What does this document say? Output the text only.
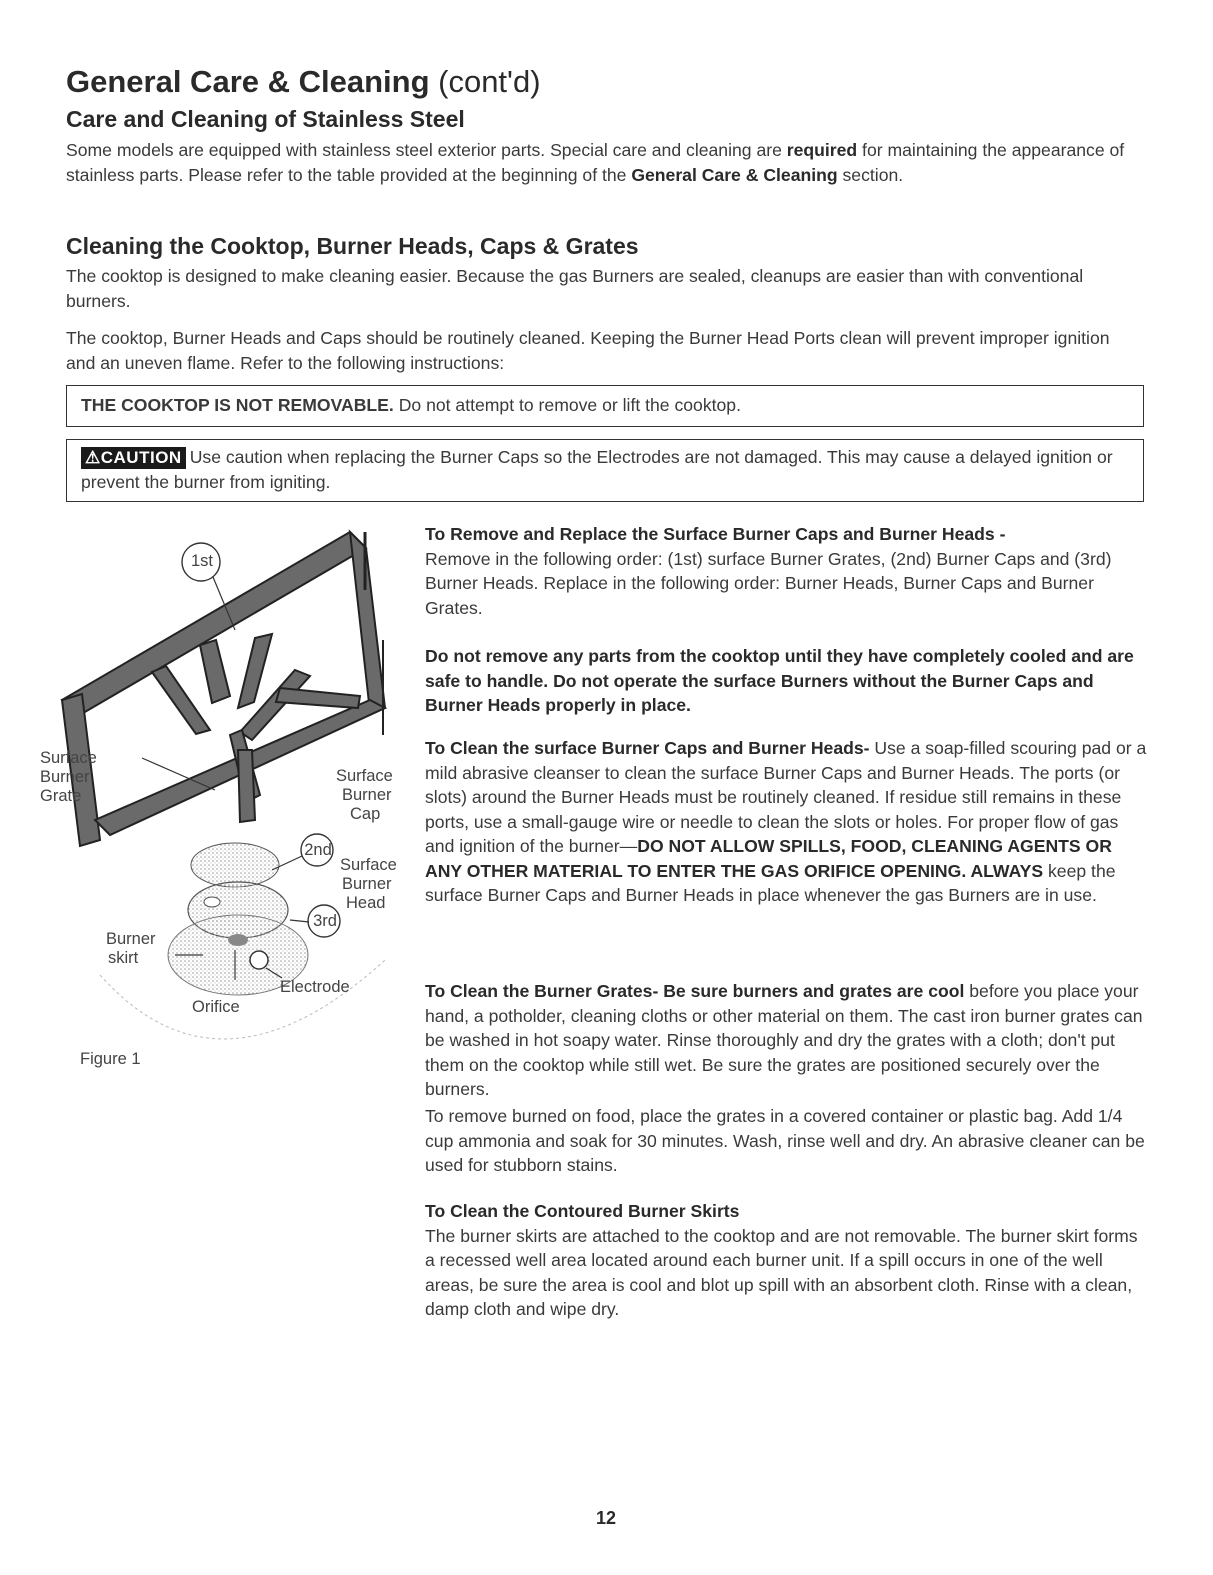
General Care & Cleaning (cont'd)
Care and Cleaning of Stainless Steel
Some models are equipped with stainless steel exterior parts. Special care and cleaning are required for maintaining the appearance of stainless parts. Please refer to the table provided at the beginning of the General Care & Cleaning section.
Cleaning the Cooktop, Burner Heads, Caps & Grates
The cooktop is designed to make cleaning easier. Because the gas Burners are sealed, cleanups are easier than with conventional burners.
The cooktop, Burner Heads and Caps should be routinely cleaned. Keeping the Burner Head Ports clean will prevent improper ignition and an uneven flame. Refer to the following instructions:
THE COOKTOP IS NOT REMOVABLE. Do not attempt to remove or lift the cooktop.
⚠CAUTION Use caution when replacing the Burner Caps so the Electrodes are not damaged. This may cause a delayed ignition or prevent the burner from igniting.
1st
2nd
3rd
Surface
Burner
Grate
Surface
Burner
Cap
Surface
Burner
Head
Burner
skirt
Electrode
Orifice
Figure 1
To Remove and Replace the Surface Burner Caps and Burner Heads -
Remove in the following order: (1st) surface Burner Grates, (2nd) Burner Caps and (3rd) Burner Heads. Replace in the following order: Burner Heads, Burner Caps and Burner Grates.
Do not remove any parts from the cooktop until they have completely cooled and are safe to handle. Do not operate the surface Burners without the Burner Caps and Burner Heads properly in place.
To Clean the surface Burner Caps and Burner Heads- Use a soap-filled scouring pad or a mild abrasive cleanser to clean the surface Burner Caps and Burner Heads. The ports (or slots) around the Burner Heads must be routinely cleaned. If residue still remains in these ports, use a small-gauge wire or needle to clean the slots or holes. For proper flow of gas and ignition of the burner—DO NOT ALLOW SPILLS, FOOD, CLEANING AGENTS OR ANY OTHER MATERIAL TO ENTER THE GAS ORIFICE OPENING. ALWAYS keep the surface Burner Caps and Burner Heads in place whenever the gas Burners are in use.
To Clean the Burner Grates- Be sure burners and grates are cool before you place your hand, a potholder, cleaning cloths or other material on them. The cast iron burner grates can be washed in hot soapy water. Rinse thoroughly and dry the grates with a cloth; don't put them on the cooktop while still wet. Be sure the grates are positioned securely over the burners.
To remove burned on food, place the grates in a covered container or plastic bag. Add 1/4 cup ammonia and soak for 30 minutes. Wash, rinse well and dry. An abrasive cleaner can be used for stubborn stains.
To Clean the Contoured Burner Skirts
The burner skirts are attached to the cooktop and are not removable. The burner skirt forms a recessed well area located around each burner unit. If a spill occurs in one of the well areas, be sure the area is cool and blot up spill with an absorbent cloth. Rinse with a clean, damp cloth and wipe dry.
12
